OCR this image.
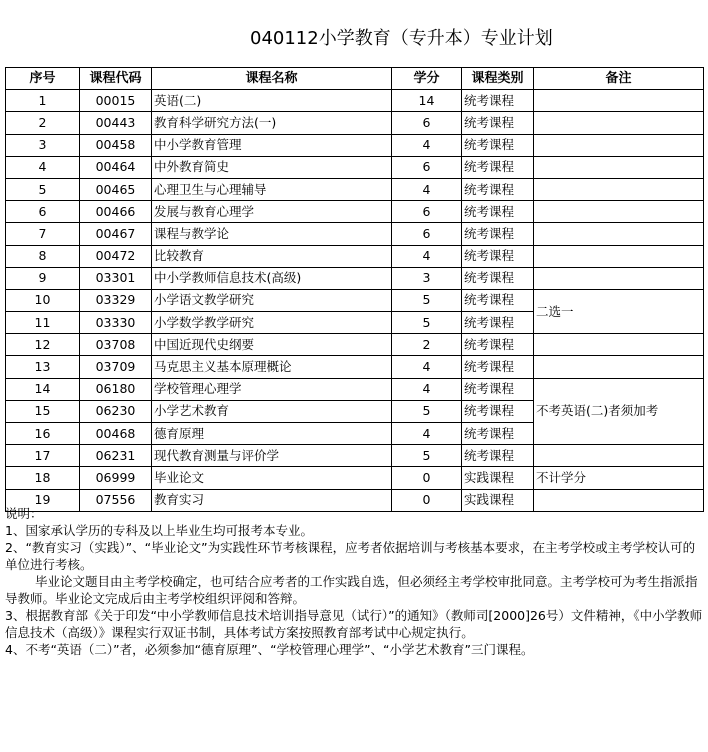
040112小学教育（专升本）专业计划
序号	课程代码	课程名称	学分	课程类别	备注
1	00015	英语(二)	14	统考课程	
2	00443	教育科学研究方法(一)	6	统考课程	
3	00458	中小学教育管理	4	统考课程	
4	00464	中外教育简史	6	统考课程	
5	00465	心理卫生与心理辅导	4	统考课程	
6	00466	发展与教育心理学	6	统考课程	
7	00467	课程与教学论	6	统考课程	
8	00472	比较教育	4	统考课程	
9	03301	中小学教师信息技术(高级)	3	统考课程	
10	03329	小学语文教学研究	5	统考课程	二选一
11	03330	小学数学教学研究	5	统考课程	
12	03708	中国近现代史纲要	2	统考课程	
13	03709	马克思主义基本原理概论	4	统考课程	
14	06180	学校管理心理学	4	统考课程	不考英语(二)者须加考
15	06230	小学艺术教育	5	统考课程	
16	00468	德育原理	4	统考课程	
17	06231	现代教育测量与评价学	5	统考课程	
18	06999	毕业论文	0	实践课程	不计学分
19	07556	教育实习	0	实践课程	

说明：

1、国家承认学历的专科及以上毕业生均可报考本专业。

2、“教育实习（实践）”、“毕业论文”为实践性环节考核课程，应考者依据培训与考核基本要求，在主考学校或主考学校认可的单位进行考核。

毕业论文题目由主考学校确定，也可结合应考者的工作实践自选，但必须经主考学校审批同意。主考学校可为考生指派指导教师。毕业论文完成后由主考学校组织评阅和答辩。

3、根据教育部《关于印发“中小学教师信息技术培训指导意见（试行）”的通知》（教师司[2000]26号）文件精神，《中小学教师信息技术（高级）》课程实行双证书制，具体考试方案按照教育部考试中心规定执行。

4、不考“英语（二）”者，必须参加“德育原理”、“学校管理心理学”、“小学艺术教育”三门课程。
